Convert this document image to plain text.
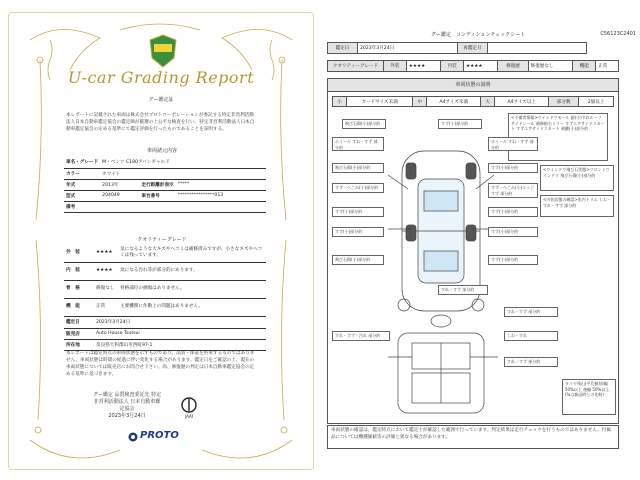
U-car Grading Report
グー鑑定証
本レポートに記載された車両は株式会社プロトコーポレーションが委託する特定非営利活動法人日本自動車鑑定協会の鑑定師が厳選の上公平な検査を行い、特定非営利活動法人日本自動車鑑定協会の定める基準にて鑑定評価を行ったものであることを証明する。
車両諸元内容
車名・グレード	M・ベンツ C180アバンギャルド		
カラー	ホワイト		
年式	2013年	走行距離計表示	*****
型式	204049	車台番号	****************013
備考			
クオリティーグレード
外　装	★★★★	気になるような大キズやヘコミは補修済みですが、小さなキズやヘコミは残っています。
内　装	★★★★	気になる汚れ等が部分的にあります。
骨　格	修復なし	骨格部位の損傷はありません。
機　能	正常	主要機関に作動上の問題はありません。
鑑定日	2023年3月24日
販売店	Auto House Tsutsui
所在地	奈良県大和郡山市西町97-1
本レポートは鑑定時点の車両状態を示すものであり、品質・保証を約束するものではありません。車両状態は時間の経過に伴い変化する場合があります。鑑定日をご確認の上、現在の車両状態については販売店にお問合せ下さい。尚、修復歴の判定は日本自動車鑑定協会の定める基準に基づきます。
グー鑑定 品質検査委託先 特定非営利活動法人 日本自動車鑑定協会
2023年3月24日	JAAI
PROTO
グー鑑定　コンディションチェックシート	C56123C2401
鑑定日	2023年3月24日	再鑑定日	
クオリティーグレード	外装	★★★★	内装	★★★★	修復歴	修復歴なし	機能	正常
車両状態の説明
小	カードサイズ未満	中	A4サイズ未満	大	A4サイズ以上	部分数	2個以上
飛び石傷(小)部分的	すず(小)部分的
<予備者情報>ウインドウモール 錆(小)すれルーフサイドレール 補修痕右ミラー すずエアサイドスカート すずエアサイドスカート 剥離(小)部分的
ホイール すれ・すず 部分的
ホイール すれ・すず 部分的
飛び石傷(小)部分的	すず(小)部分的	<ウインドウ飛び石状態>フロントウインドウ 飛び石傷(小)部分的
<内装状態の確認>室内トリム しわ・すれ・すず 部分的
すず・へこみ(小)部分的	すず・へこみ(小)エッジすず 部分的
すず(小)部分的	すず(小)部分的
すず(小)部分的	すず(小)部分的
飛び石傷(小)部分的	すず(小)部分的
すれ・すず 部分的
すれ・すず 部分的
すれ・すず・汚れ 部分的	しわ・すれ
すれ・すず 部分的
タイヤ残山(平均値)前輪 50%以上 後輪 50%以上(%は新品時との比較)
車両状態の確認は、鑑定時点において鑑定士が確認した範囲で行っています。判定結果は走行チェックを行うものではありません。付属品については機種価値等の評価と異なる場合があります。
